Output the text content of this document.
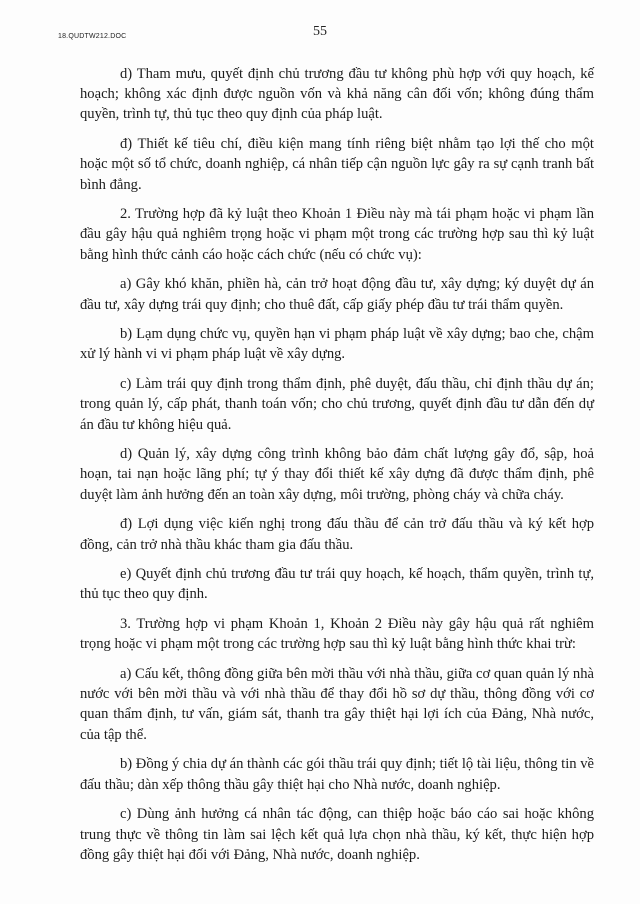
18.QUDTW212.DOC	55

d) Tham mưu, quyết định chủ trương đầu tư không phù hợp với quy hoạch, kế hoạch; không xác định được nguồn vốn và khả năng cân đối vốn; không đúng thẩm quyền, trình tự, thủ tục theo quy định của pháp luật.

đ) Thiết kế tiêu chí, điều kiện mang tính riêng biệt nhằm tạo lợi thế cho một hoặc một số tổ chức, doanh nghiệp, cá nhân tiếp cận nguồn lực gây ra sự cạnh tranh bất bình đẳng.

2. Trường hợp đã kỷ luật theo Khoản 1 Điều này mà tái phạm hoặc vi phạm lần đầu gây hậu quả nghiêm trọng hoặc vi phạm một trong các trường hợp sau thì kỷ luật bằng hình thức cảnh cáo hoặc cách chức (nếu có chức vụ):

a) Gây khó khăn, phiền hà, cản trở hoạt động đầu tư, xây dựng; ký duyệt dự án đầu tư, xây dựng trái quy định; cho thuê đất, cấp giấy phép đầu tư trái thẩm quyền.

b) Lạm dụng chức vụ, quyền hạn vi phạm pháp luật về xây dựng; bao che, chậm xử lý hành vi vi phạm pháp luật về xây dựng.

c) Làm trái quy định trong thẩm định, phê duyệt, đấu thầu, chỉ định thầu dự án; trong quản lý, cấp phát, thanh toán vốn; cho chủ trương, quyết định đầu tư dẫn đến dự án đầu tư không hiệu quả.

d) Quản lý, xây dựng công trình không bảo đảm chất lượng gây đổ, sập, hoả hoạn, tai nạn hoặc lãng phí; tự ý thay đổi thiết kế xây dựng đã được thẩm định, phê duyệt làm ảnh hưởng đến an toàn xây dựng, môi trường, phòng cháy và chữa cháy.

đ) Lợi dụng việc kiến nghị trong đấu thầu để cản trở đấu thầu và ký kết hợp đồng, cản trở nhà thầu khác tham gia đấu thầu.

e) Quyết định chủ trương đầu tư trái quy hoạch, kế hoạch, thẩm quyền, trình tự, thủ tục theo quy định.

3. Trường hợp vi phạm Khoản 1, Khoản 2 Điều này gây hậu quả rất nghiêm trọng hoặc vi phạm một trong các trường hợp sau thì kỷ luật bằng hình thức khai trừ:

a) Cấu kết, thông đồng giữa bên mời thầu với nhà thầu, giữa cơ quan quản lý nhà nước với bên mời thầu và với nhà thầu để thay đổi hồ sơ dự thầu, thông đồng với cơ quan thẩm định, tư vấn, giám sát, thanh tra gây thiệt hại lợi ích của Đảng, Nhà nước, của tập thể.

b) Đồng ý chia dự án thành các gói thầu trái quy định; tiết lộ tài liệu, thông tin về đấu thầu; dàn xếp thông thầu gây thiệt hại cho Nhà nước, doanh nghiệp.

c) Dùng ảnh hưởng cá nhân tác động, can thiệp hoặc báo cáo sai hoặc không trung thực về thông tin làm sai lệch kết quả lựa chọn nhà thầu, ký kết, thực hiện hợp đồng gây thiệt hại đối với Đảng, Nhà nước, doanh nghiệp.
